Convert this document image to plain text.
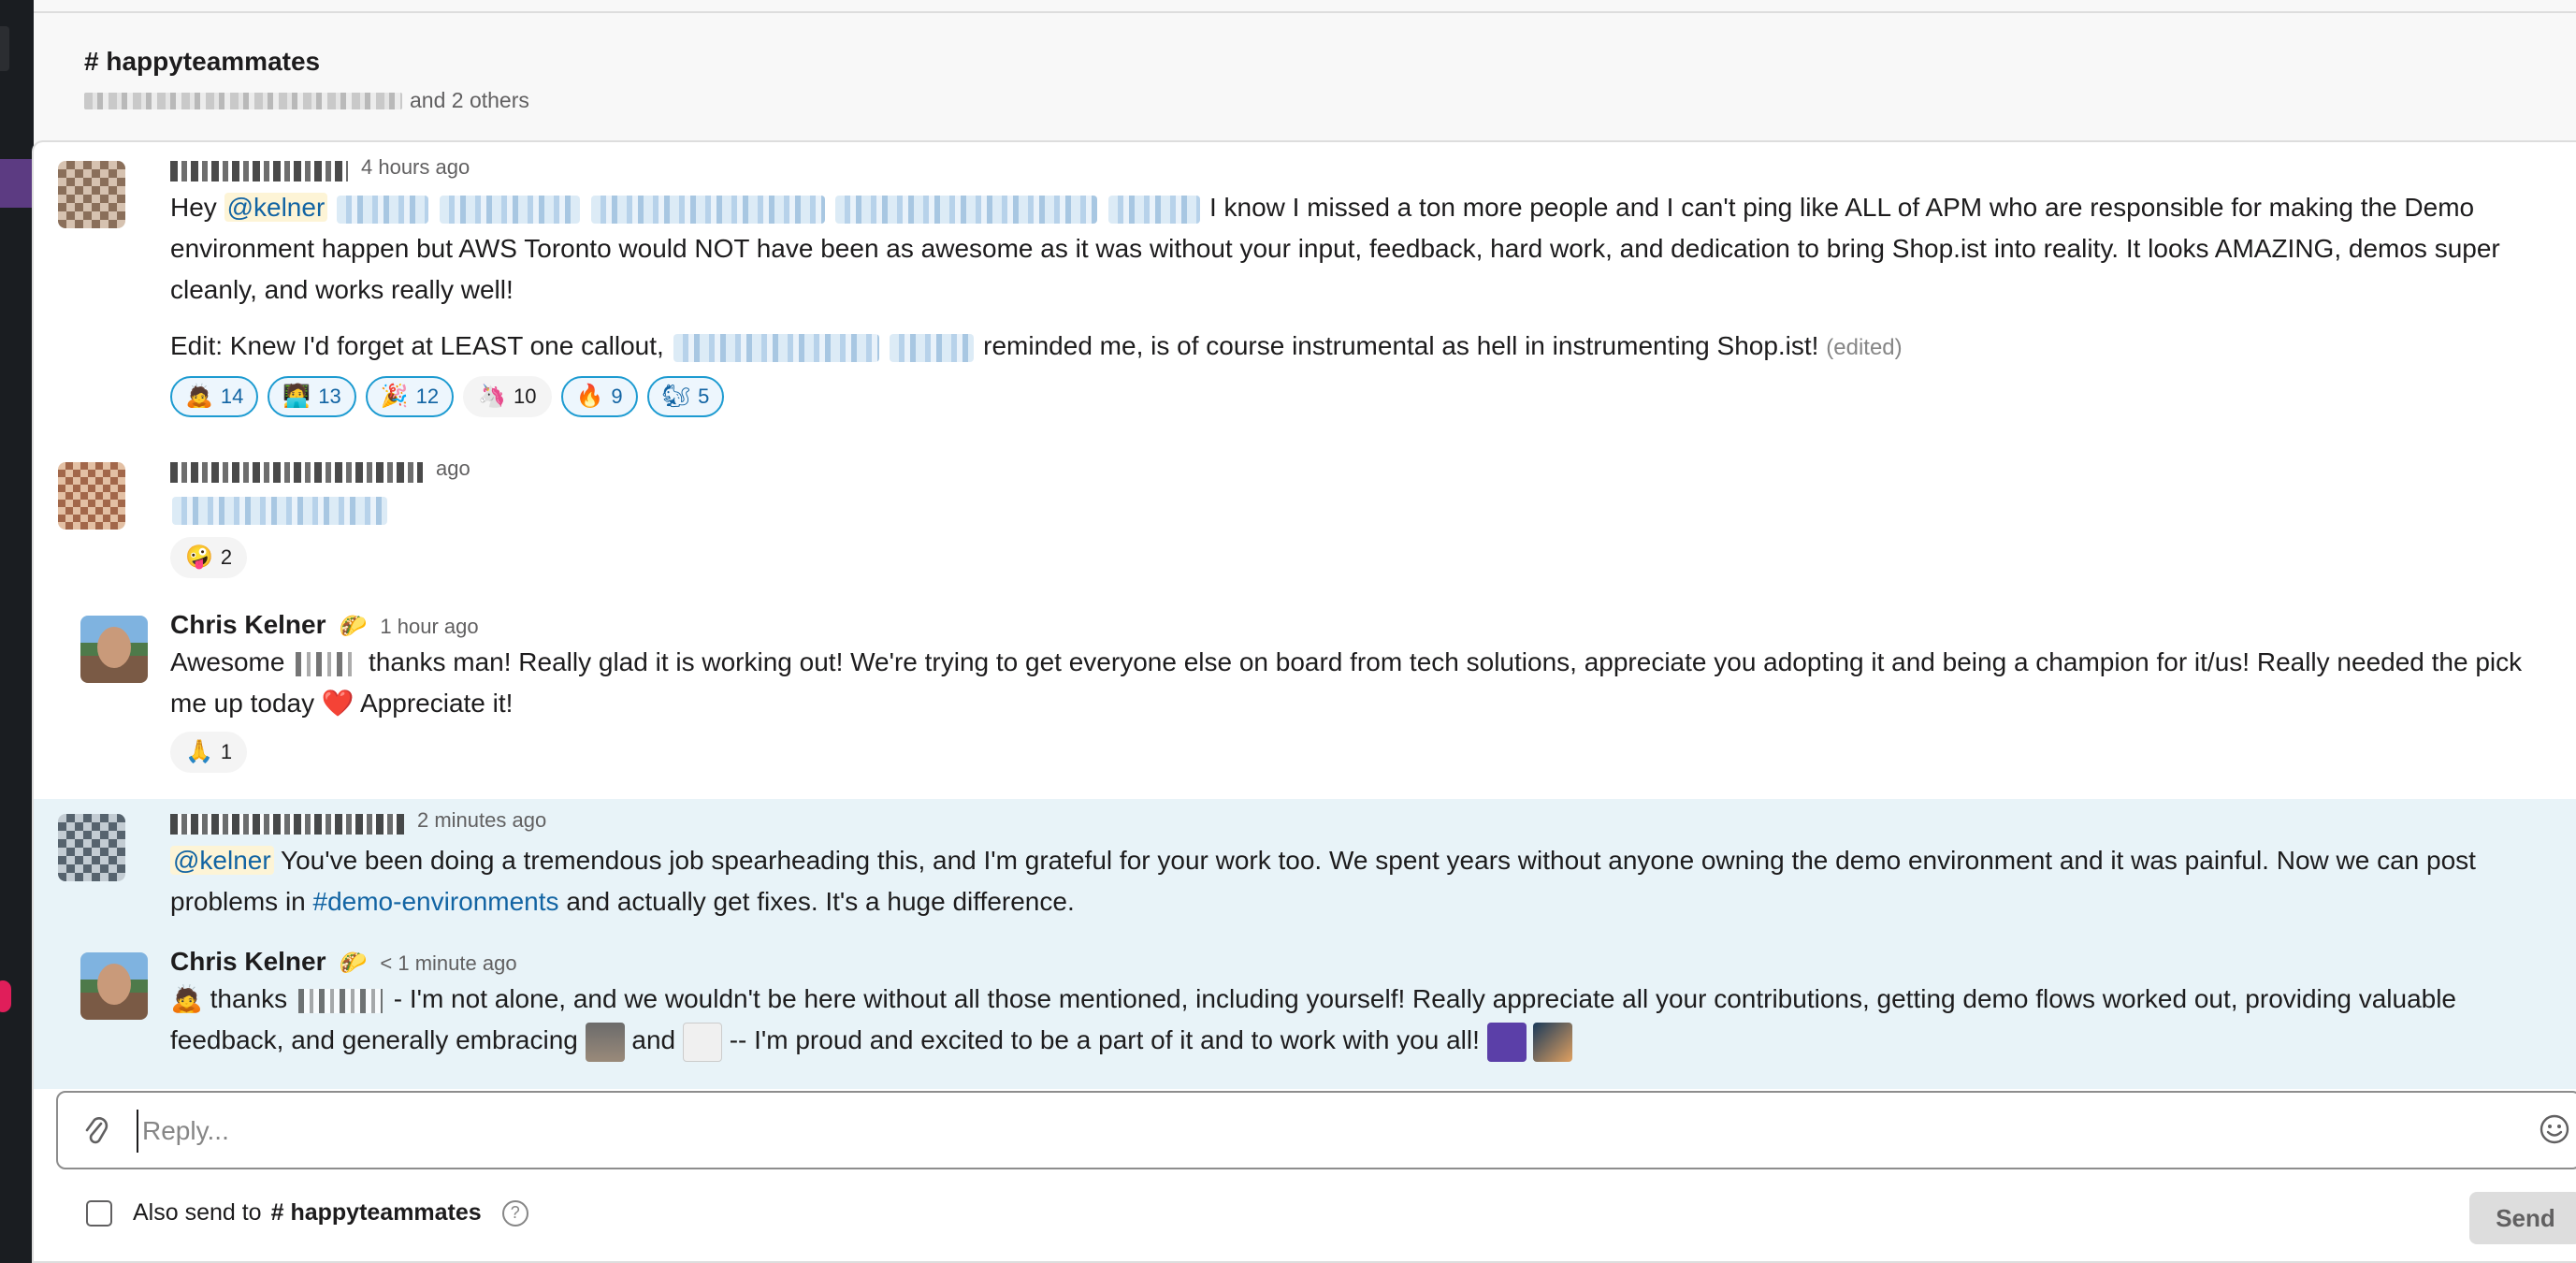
# happyteammates
and 2 others
4 hours ago
Hey @kelner	I know I missed a ton more people and I can't ping like ALL of APM who are responsible for making the Demo environment happen but AWS Toronto would NOT have been as awesome as it was without your input, feedback, hard work, and dedication to bring Shop.ist into reality. It looks AMAZING, demos super cleanly, and works really well!
Edit: Knew I'd forget at LEAST one callout,	reminded me, is of course instrumental as hell in instrumenting Shop.ist! (edited)
🙇 14 🧑‍💻 13 🎉 12 🦄 10 🔥 9 🐿 5
ago
🤪 2
Chris Kelner 🌮 1 hour ago
Awesome	thanks man! Really glad it is working out! We're trying to get everyone else on board from tech solutions, appreciate you adopting it and being a champion for it/us! Really needed the pick me up today ❤️ Appreciate it!
🙏 1
2 minutes ago
@kelner You've been doing a tremendous job spearheading this, and I'm grateful for your work too. We spent years without anyone owning the demo environment and it was painful. Now we can post problems in #demo-environments and actually get fixes. It's a huge difference.
Chris Kelner 🌮 < 1 minute ago
🙇 thanks	- I'm not alone, and we wouldn't be here without all those mentioned, including yourself! Really appreciate all your contributions, getting demo flows worked out, providing valuable feedback, and generally embracing and -- I'm proud and excited to be a part of it and to work with you all!
Reply...
Also send to # happyteammates	?	Send
